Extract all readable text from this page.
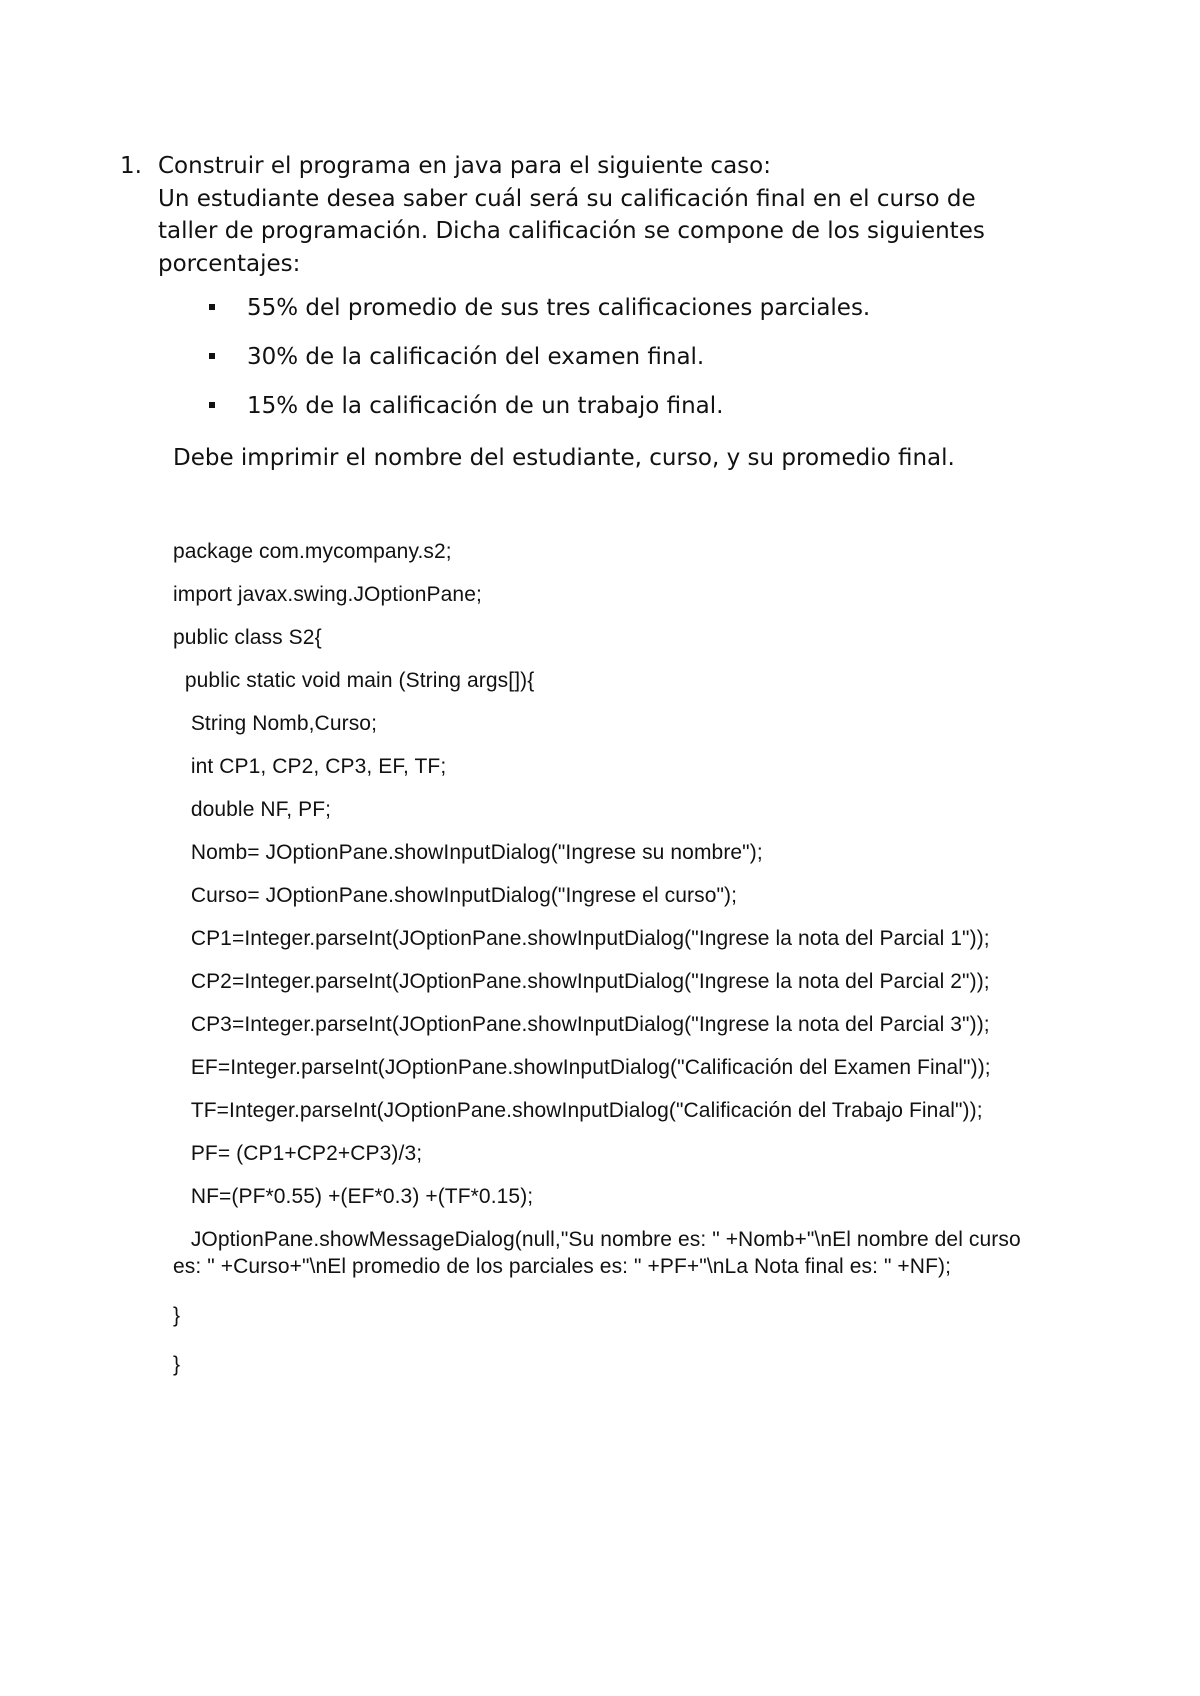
1. Construir el programa en java para el siguiente caso:

Un estudiante desea saber cuál será su calificación final en el curso de

taller de programación. Dicha calificación se compone de los siguientes

porcentajes:

55% del promedio de sus tres calificaciones parciales.
30% de la calificación del examen final.
15% de la calificación de un trabajo final.

Debe imprimir el nombre del estudiante, curso, y su promedio final.

package com.mycompany.s2;
import javax.swing.JOptionPane;
public class S2{
public static void main (String args[]){
String Nomb,Curso;
int CP1, CP2, CP3, EF, TF;
double NF, PF;
Nomb= JOptionPane.showInputDialog("Ingrese su nombre");
Curso= JOptionPane.showInputDialog("Ingrese el curso");
CP1=Integer.parseInt(JOptionPane.showInputDialog("Ingrese la nota del Parcial 1"));
CP2=Integer.parseInt(JOptionPane.showInputDialog("Ingrese la nota del Parcial 2"));
CP3=Integer.parseInt(JOptionPane.showInputDialog("Ingrese la nota del Parcial 3"));
EF=Integer.parseInt(JOptionPane.showInputDialog("Calificación del Examen Final"));
TF=Integer.parseInt(JOptionPane.showInputDialog("Calificación del Trabajo Final"));
PF= (CP1+CP2+CP3)/3;
NF=(PF*0.55) +(EF*0.3) +(TF*0.15);
JOptionPane.showMessageDialog(null,"Su nombre es: " +Nomb+"\nEl nombre del curso es: " +Curso+"\nEl promedio de los parciales es: " +PF+"\nLa Nota final es: " +NF);
}
}
